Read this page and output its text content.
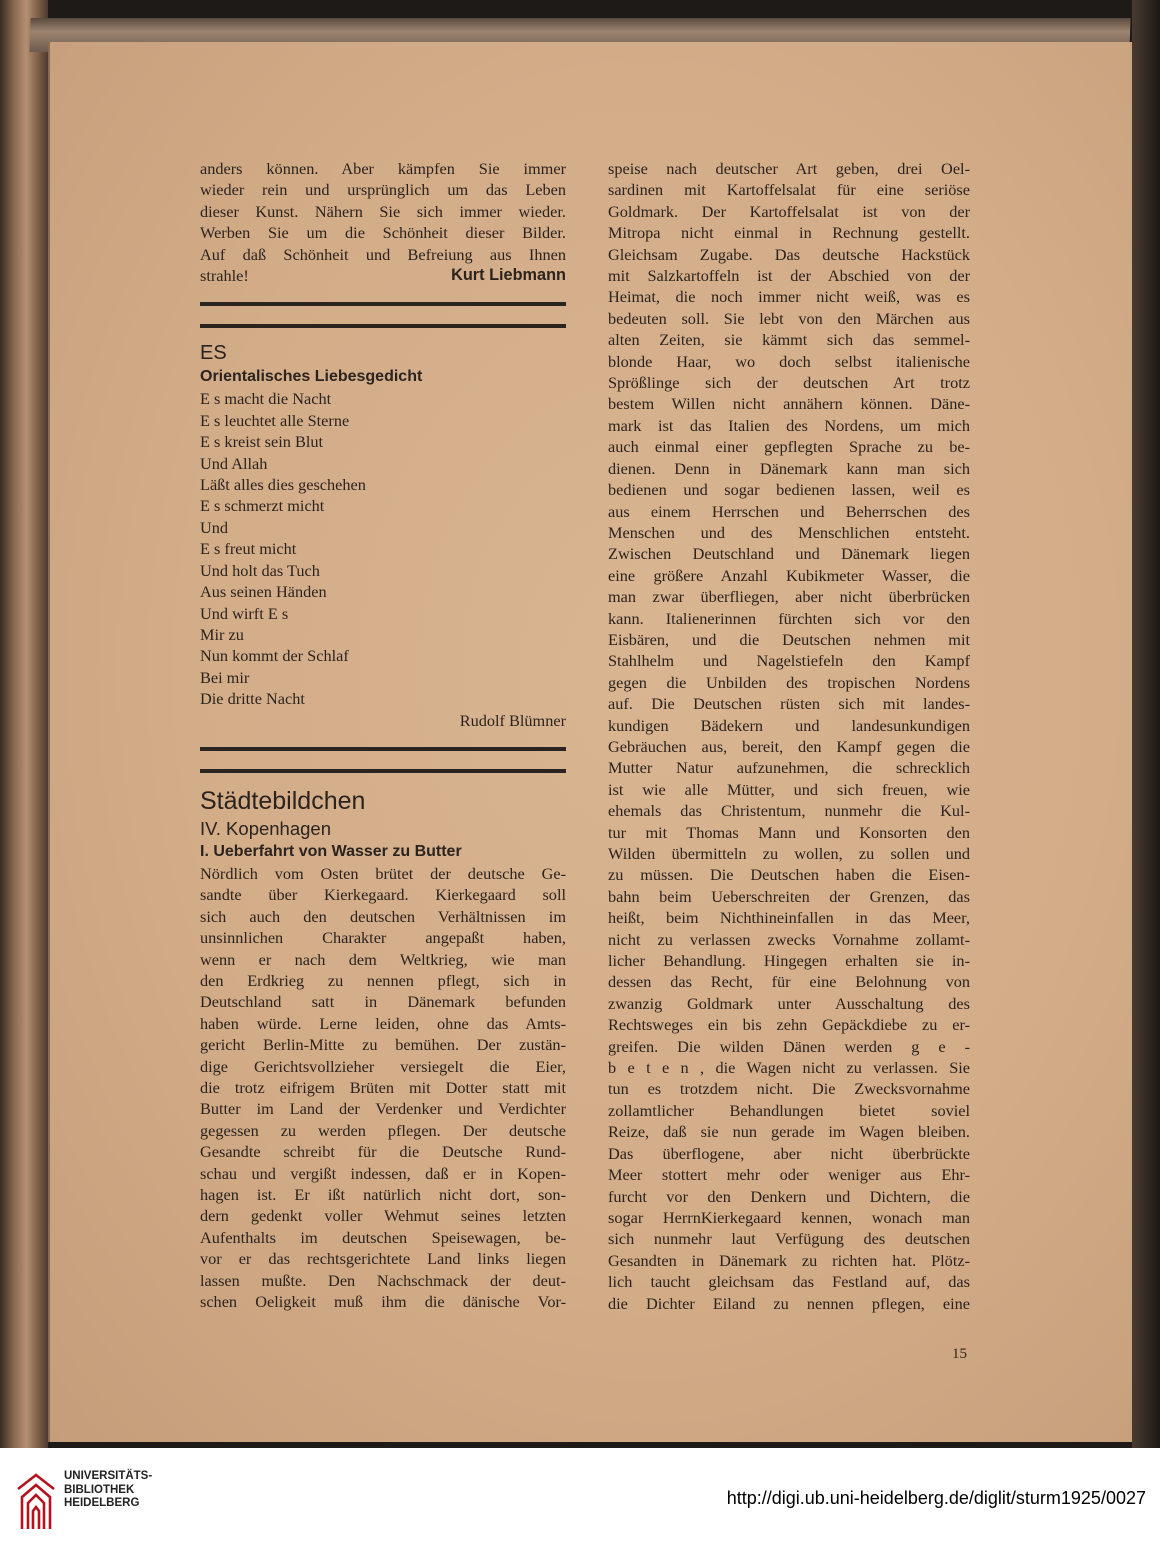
anders können. Aber kämpfen Sie immer
wieder rein und ursprünglich um das Leben
dieser Kunst. Nähern Sie sich immer wieder.
Werben Sie um die Schönheit dieser Bilder.
Auf daß Schönheit und Befreiung aus Ihnen
strahle!	Kurt Liebmann
ES
Orientalisches Liebesgedicht
E s macht die Nacht
E s leuchtet alle Sterne
E s kreist sein Blut
Und Allah
Läßt alles dies geschehen
E s schmerzt micht
Und
E s freut micht
Und holt das Tuch
Aus seinen Händen
Und wirft E s
Mir zu
Nun kommt der Schlaf
Bei mir
Die dritte Nacht
Rudolf Blümner
Städtebildchen
IV. Kopenhagen
I. Ueberfahrt von Wasser zu Butter
Nördlich vom Osten brütet der deutsche Ge-
sandte über Kierkegaard. Kierkegaard soll
sich auch den deutschen Verhältnissen im
unsinnlichen Charakter angepaßt haben,
wenn er nach dem Weltkrieg, wie man
den Erdkrieg zu nennen pflegt, sich in
Deutschland satt in Dänemark befunden
haben würde. Lerne leiden, ohne das Amts-
gericht Berlin-Mitte zu bemühen. Der zustän-
dige Gerichtsvollzieher versiegelt die Eier,
die trotz eifrigem Brüten mit Dotter statt mit
Butter im Land der Verdenker und Verdichter
gegessen zu werden pflegen. Der deutsche
Gesandte schreibt für die Deutsche Rund-
schau und vergißt indessen, daß er in Kopen-
hagen ist. Er ißt natürlich nicht dort, son-
dern gedenkt voller Wehmut seines letzten
Aufenthalts im deutschen Speisewagen, be-
vor er das rechtsgerichtete Land links liegen
lassen mußte. Den Nachschmack der deut-
schen Oeligkeit muß ihm die dänische Vor-
speise nach deutscher Art geben, drei Oel-
sardinen mit Kartoffelsalat für eine seriöse
Goldmark. Der Kartoffelsalat ist von der
Mitropa nicht einmal in Rechnung gestellt.
Gleichsam Zugabe. Das deutsche Hackstück
mit Salzkartoffeln ist der Abschied von der
Heimat, die noch immer nicht weiß, was es
bedeuten soll. Sie lebt von den Märchen aus
alten Zeiten, sie kämmt sich das semmel-
blonde Haar, wo doch selbst italienische
Sprößlinge sich der deutschen Art trotz
bestem Willen nicht annähern können. Däne-
mark ist das Italien des Nordens, um mich
auch einmal einer gepflegten Sprache zu be-
dienen. Denn in Dänemark kann man sich
bedienen und sogar bedienen lassen, weil es
aus einem Herrschen und Beherrschen des
Menschen und des Menschlichen entsteht.
Zwischen Deutschland und Dänemark liegen
eine größere Anzahl Kubikmeter Wasser, die
man zwar überfliegen, aber nicht überbrücken
kann. Italienerinnen fürchten sich vor den
Eisbären, und die Deutschen nehmen mit
Stahlhelm und Nagelstiefeln den Kampf
gegen die Unbilden des tropischen Nordens
auf. Die Deutschen rüsten sich mit landes-
kundigen Bädekern und landesunkundigen
Gebräuchen aus, bereit, den Kampf gegen die
Mutter Natur aufzunehmen, die schrecklich
ist wie alle Mütter, und sich freuen, wie
ehemals das Christentum, nunmehr die Kul-
tur mit Thomas Mann und Konsorten den
Wilden übermitteln zu wollen, zu sollen und
zu müssen. Die Deutschen haben die Eisen-
bahn beim Ueberschreiten der Grenzen, das
heißt, beim Nichthineinfallen in das Meer,
nicht zu verlassen zwecks Vornahme zollamt-
licher Behandlung. Hingegen erhalten sie in-
dessen das Recht, für eine Belohnung von
zwanzig Goldmark unter Ausschaltung des
Rechtsweges ein bis zehn Gepäckdiebe zu er-
greifen. Die wilden Dänen werden g e -
b e t e n , die Wagen nicht zu verlassen. Sie
tun es trotzdem nicht. Die Zwecksvornahme
zollamtlicher Behandlungen bietet soviel
Reize, daß sie nun gerade im Wagen bleiben.
Das überflogene, aber nicht überbrückte
Meer stottert mehr oder weniger aus Ehr-
furcht vor den Denkern und Dichtern, die
sogar HerrnKierkegaard kennen, wonach man
sich nunmehr laut Verfügung des deutschen
Gesandten in Dänemark zu richten hat. Plötz-
lich taucht gleichsam das Festland auf, das
die Dichter Eiland zu nennen pflegen, eine
15
UNIVERSITÄTS-
BIBLIOTHEK
HEIDELBERG	http://digi.ub.uni-heidelberg.de/diglit/sturm1925/0027
